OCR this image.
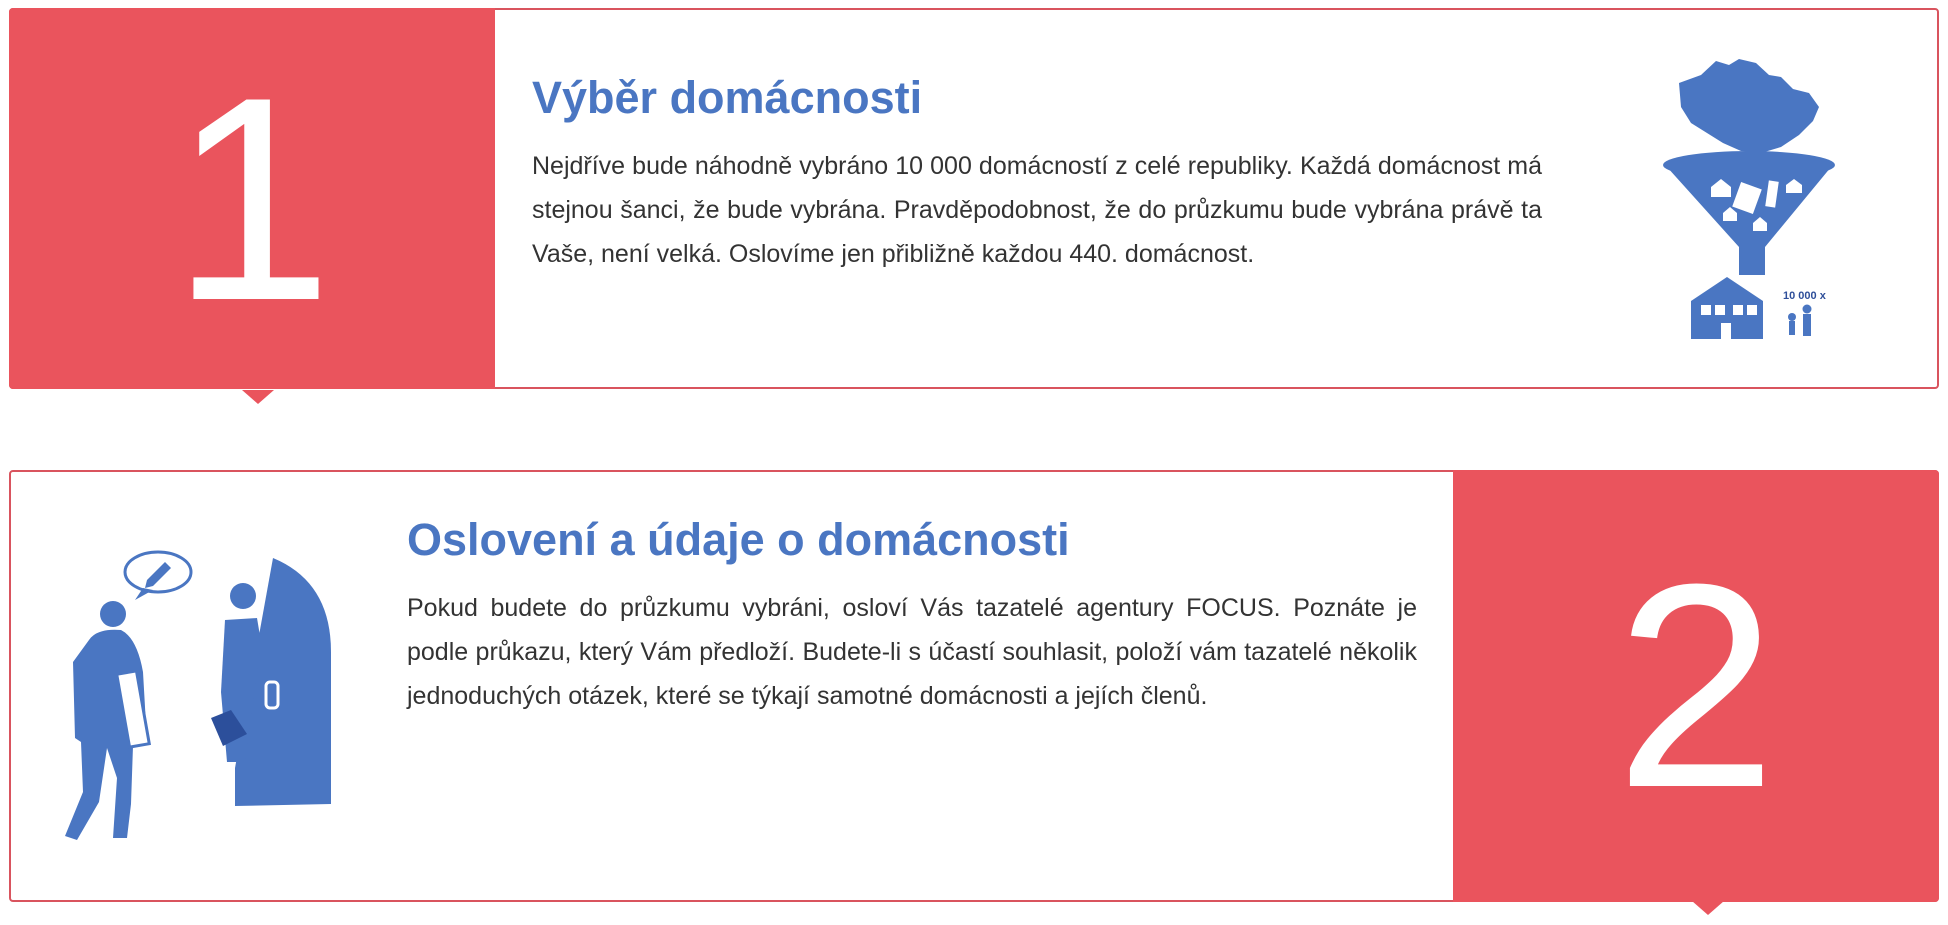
1	Výběr domácnosti

Nejdříve bude náhodně vybráno 10 000 domácností z celé republiky. Každá domácnost má stejnou šanci, že bude vybrána. Pravděpodobnost, že do průzkumu bude vybrána právě ta Vaše, není velká. Oslovíme jen přibližně každou 440. domácnost.

10 000 x
Oslovení a údaje o domácnosti

Pokud budete do průzkumu vybráni, osloví Vás tazatelé agentury FOCUS. Poznáte je podle průkazu, který Vám předloží. Budete-li s účastí souhlasit, položí vám tazatelé několik jednoduchých otázek, které se týkají samotné domácnosti a jejích členů.	2
